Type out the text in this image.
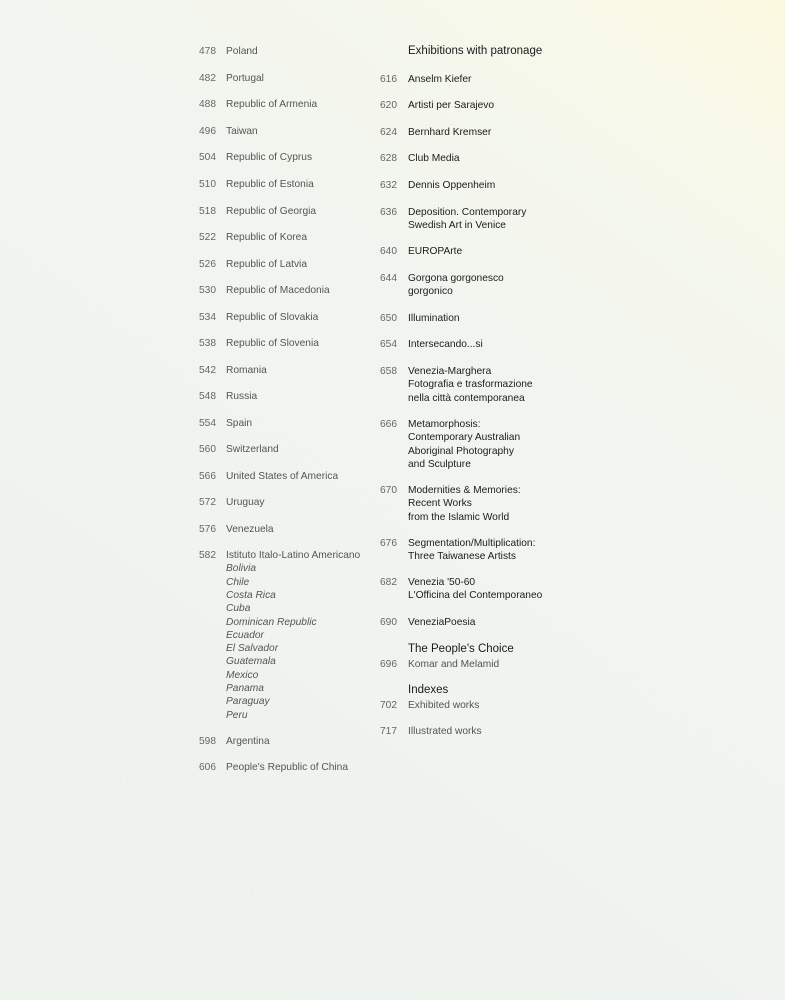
478 Poland
482 Portugal
488 Republic of Armenia
496 Taiwan
504 Republic of Cyprus
510 Republic of Estonia
518 Republic of Georgia
522 Republic of Korea
526 Republic of Latvia
530 Republic of Macedonia
534 Republic of Slovakia
538 Republic of Slovenia
542 Romania
548 Russia
554 Spain
560 Switzerland
566 United States of America
572 Uruguay
576 Venezuela
582 Istituto Italo-Latino Americano
Bolivia
Chile
Costa Rica
Cuba
Dominican Republic
Ecuador
El Salvador
Guatemala
Mexico
Panama
Paraguay
Peru
598 Argentina
606 People's Republic of China
Exhibitions with patronage
616 Anselm Kiefer
620 Artisti per Sarajevo
624 Bernhard Kremser
628 Club Media
632 Dennis Oppenheim
636 Deposition. Contemporary
Swedish Art in Venice
640 EUROPArte
644 Gorgona gorgonesco
gorgonico
650 Illumination
654 Intersecando...si
658 Venezia-Marghera
Fotografia e trasformazione
nella città contemporanea
666 Metamorphosis:
Contemporary Australian
Aboriginal Photography
and Sculpture
670 Modernities & Memories:
Recent Works
from the Islamic World
676 Segmentation/Multiplication:
Three Taiwanese Artists
682 Venezia '50-60
L'Officina del Contemporaneo
690 VeneziaPoesia
The People's Choice
696 Komar and Melamid
Indexes
702 Exhibited works
717 Illustrated works
